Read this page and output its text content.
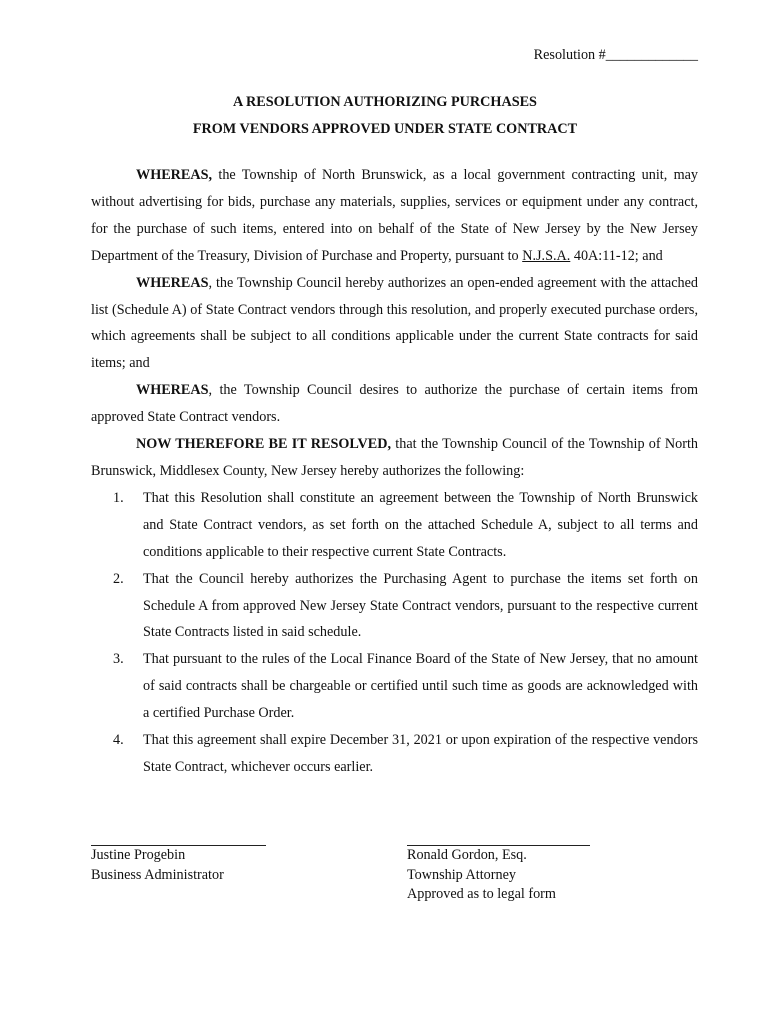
Resolution #_____________
A RESOLUTION AUTHORIZING PURCHASES
FROM VENDORS APPROVED UNDER STATE CONTRACT

WHEREAS, the Township of North Brunswick, as a local government contracting unit, may without advertising for bids, purchase any materials, supplies, services or equipment under any contract, for the purchase of such items, entered into on behalf of the State of New Jersey by the New Jersey Department of the Treasury, Division of Purchase and Property, pursuant to N.J.S.A. 40A:11-12; and

WHEREAS, the Township Council hereby authorizes an open-ended agreement with the attached list (Schedule A) of State Contract vendors through this resolution, and properly executed purchase orders, which agreements shall be subject to all conditions applicable under the current State contracts for said items; and

WHEREAS, the Township Council desires to authorize the purchase of certain items from approved State Contract vendors.

NOW THEREFORE BE IT RESOLVED, that the Township Council of the Township of North Brunswick, Middlesex County, New Jersey hereby authorizes the following:

1. That this Resolution shall constitute an agreement between the Township of North Brunswick and State Contract vendors, as set forth on the attached Schedule A, subject to all terms and conditions applicable to their respective current State Contracts.
2. That the Council hereby authorizes the Purchasing Agent to purchase the items set forth on Schedule A from approved New Jersey State Contract vendors, pursuant to the respective current State Contracts listed in said schedule.
3. That pursuant to the rules of the Local Finance Board of the State of New Jersey, that no amount of said contracts shall be chargeable or certified until such time as goods are acknowledged with a certified Purchase Order.
4. That this agreement shall expire December 31, 2021 or upon expiration of the respective vendors State Contract, whichever occurs earlier.
Justine Progebin
Business Administrator
Ronald Gordon, Esq.
Township Attorney
Approved as to legal form
